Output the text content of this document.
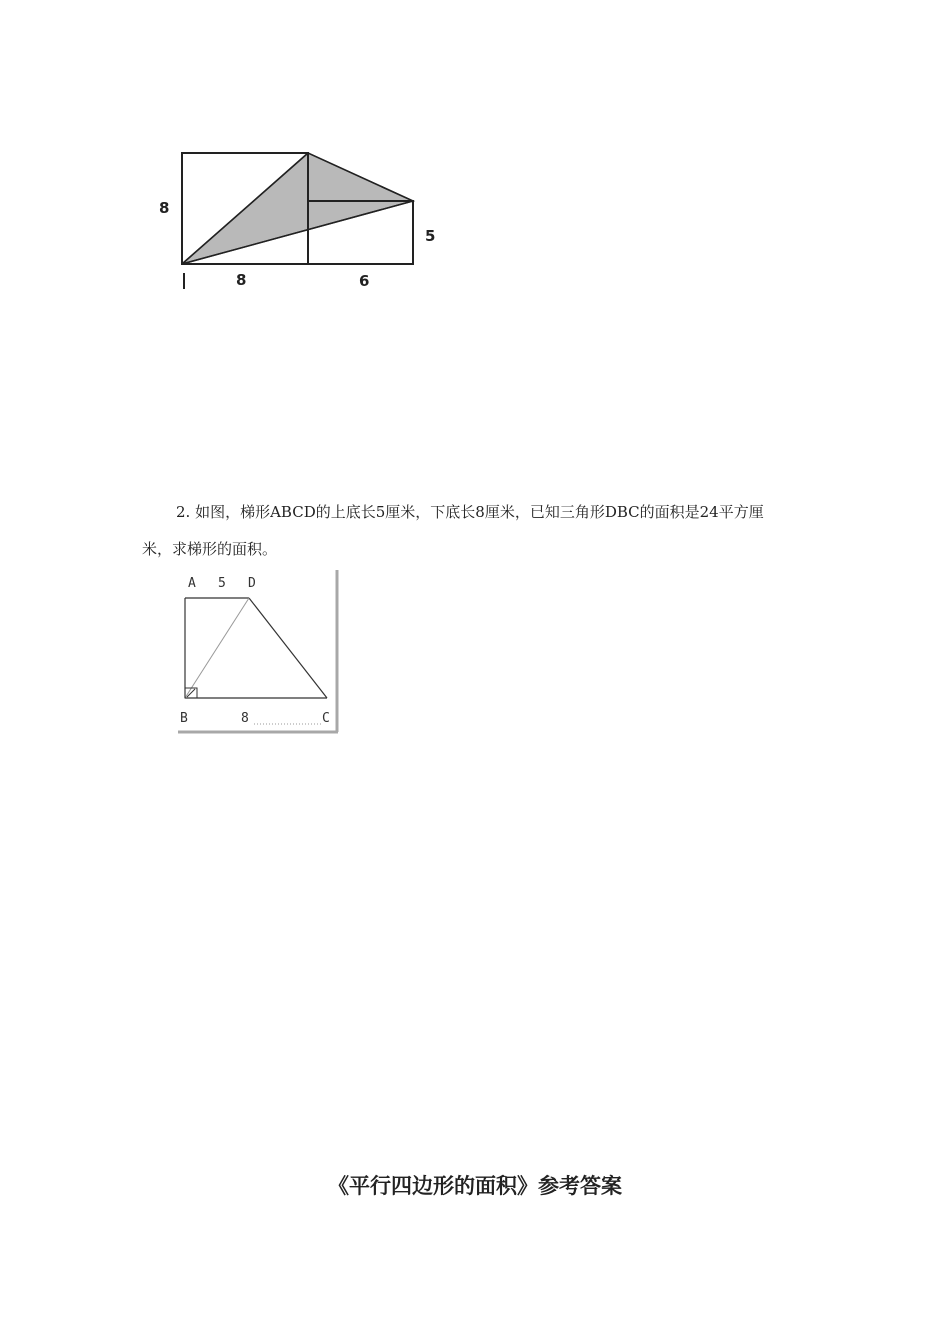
8
8	6
5

2. 如图，梯形ABCD的上底长5厘米，下底长8厘米，已知三角形DBC的面积是24平方厘
米，求梯形的面积。

A 5 D
B	8	C
《平行四边形的面积》参考答案
